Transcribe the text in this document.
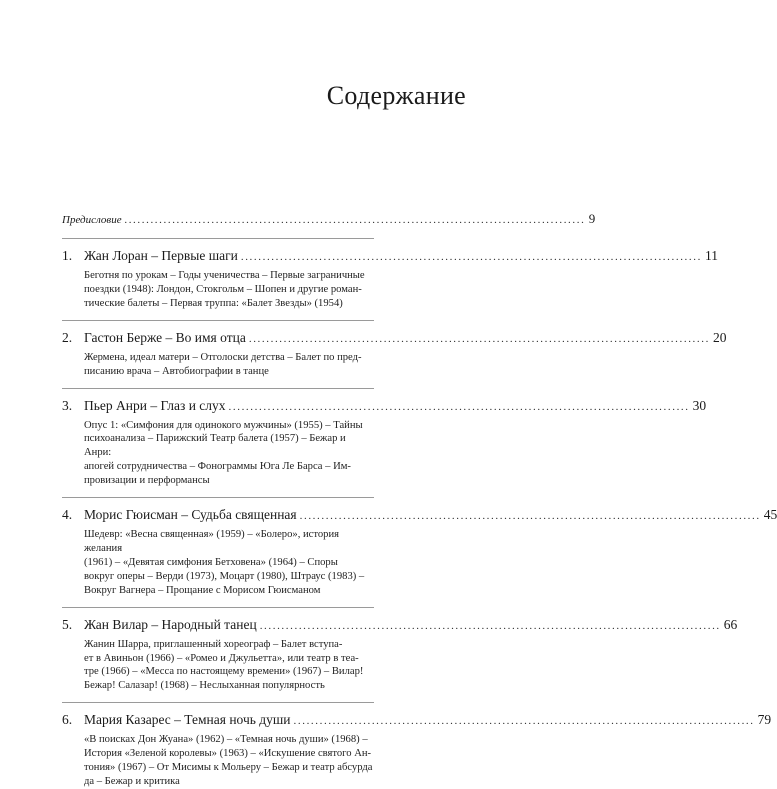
Содержание
Предисловие .......................................................................................................... 9
1. Жан Лоран – Первые шаги .......................................................................................................... 11
Беготня по урокам – Годы ученичества – Первые заграничные
поездки (1948): Лондон, Стокгольм – Шопен и другие роман-
тические балеты – Первая труппа: «Балет Звезды» (1954)
2. Гастон Берже – Во имя отца .......................................................................................................... 20
Жермена, идеал матери – Отголоски детства – Балет по пред-
писанию врача – Автобиографии в танце
3. Пьер Анри – Глаз и слух .......................................................................................................... 30
Опус 1: «Симфония для одинокого мужчины» (1955) – Тайны
психоанализа – Парижский Театр балета (1957) – Бежар и Анри:
апогей сотрудничества – Фонограммы Юга Ле Барса – Им-
провизации и перформансы
4. Морис Гюисман – Судьба священная .......................................................................................................... 45
Шедевр: «Весна священная» (1959) – «Болеро», история желания
(1961) – «Девятая симфония Бетховена» (1964) – Споры
вокруг оперы – Верди (1973), Моцарт (1980), Штраус (1983) –
Вокруг Вагнера – Прощание с Морисом Гюисманом
5. Жан Вилар – Народный танец .......................................................................................................... 66
Жанин Шарра, приглашенный хореограф – Балет вступа-
ет в Авиньон (1966) – «Ромео и Джульетта», или театр в теа-
тре (1966) – «Месса по настоящему времени» (1967) – Вилар!
Бежар! Салазар! (1968) – Неслыханная популярность
6. Мария Казарес – Темная ночь души .......................................................................................................... 79
«В поисках Дон Жуана» (1962) – «Темная ночь души» (1968) –
История «Зеленой королевы» (1963) – «Искушение святого Ан-
тония» (1967) – От Мисимы к Мольеру – Бежар и театр абсурда
да – Бежар и критика
